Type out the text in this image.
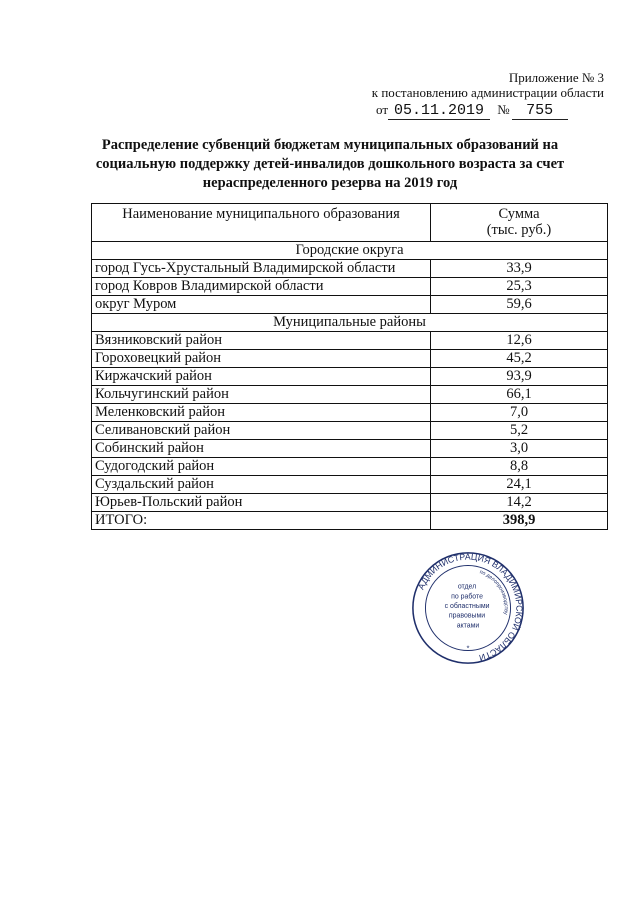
Приложение № 3
к постановлению администрации области
от 05.11.2019 № 755
Распределение субвенций бюджетам муниципальных образований на
социальную поддержку детей-инвалидов дошкольного возраста за счет
нераспределенного резерва на 2019 год
Наименование муниципального образования	Сумма
(тыс. руб.)
Городские округа	
город Гусь-Хрустальный Владимирской области	33,9
город Ковров Владимирской области	25,3
округ Муром	59,6
Муниципальные районы	
Вязниковский район	12,6
Гороховецкий район	45,2
Киржачский район	93,9
Кольчугинский район	66,1
Меленковский район	7,0
Селивановский район	5,2
Собинский район	3,0
Судогодский район	8,8
Суздальский район	24,1
Юрьев-Польский район	14,2
ИТОГО:	398,9
АДМИНИСТРАЦИЯ ВЛАДИМИРСКОЙ ОБЛАСТИ
по делопроизводству
отдел по работе с областными правовыми актами
*
